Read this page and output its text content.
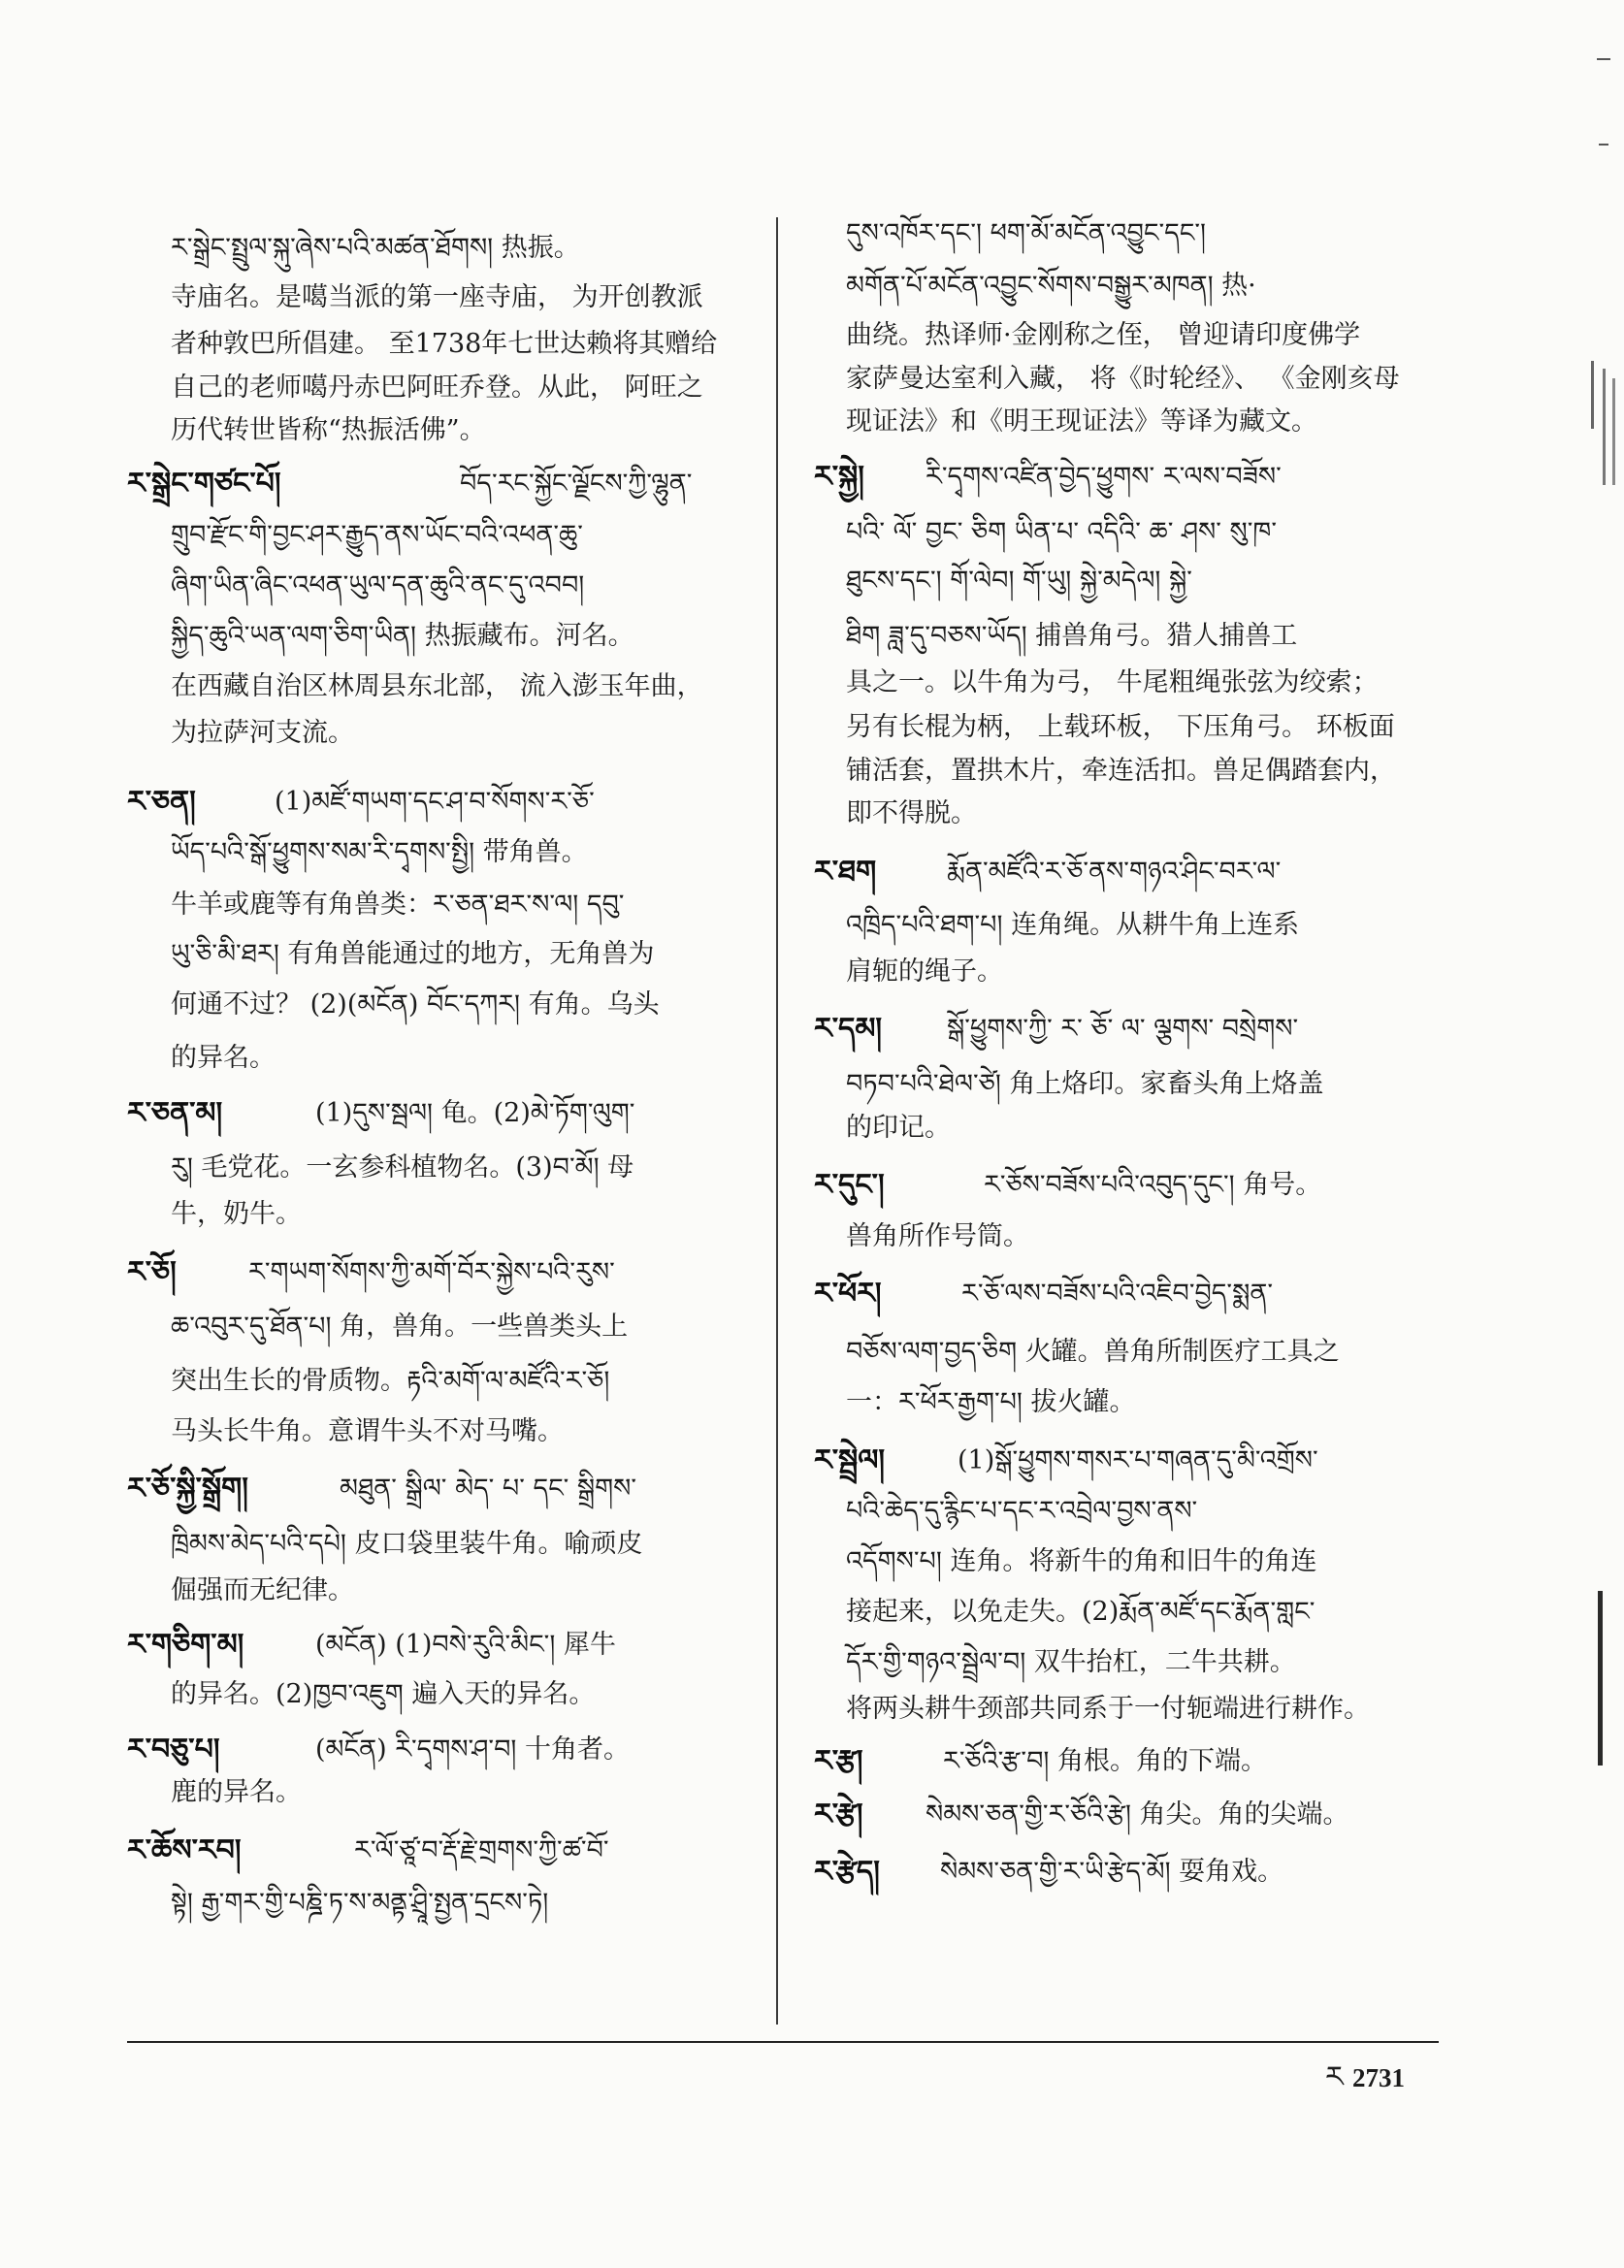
ར་སྒྲེང་སྤྲུལ་སྐུ་ཞེས་པའི་མཚན་ཐོགས། 热振。
寺庙名。是噶当派的第一座寺庙， 为开创教派
者种敦巴所倡建。 至1738年七世达赖将其赠给
自己的老师噶丹赤巴阿旺乔登。从此， 阿旺之
历代转世皆称“热振活佛”。
ར་སྒྲེང་གཙང་པོ།	བོད་རང་སྐྱོང་ལྗོངས་ཀྱི་ལྷུན་
གྲུབ་རྫོང་གི་བྱང་ཤར་རྒྱུད་ནས་ཡོང་བའི་འཕན་ཆུ་
ཞིག་ཡིན་ཞིང་འཕན་ཡུལ་དན་ཆུའི་ནང་དུ་འབབ།
སྐྱིད་ཆུའི་ཡན་ལག་ཅིག་ཡིན། 热振藏布。河名。
在西藏自治区林周县东北部， 流入澎玉年曲，
为拉萨河支流。
ར་ཅན།	(1)མཛོ་གཡག་དང་ཤ་བ་སོགས་ར་ཅོ་
ཡོད་པའི་སྒོ་ཕྱུགས་སམ་རི་དྭགས་སྤྱི། 带角兽。
牛羊或鹿等有角兽类：ར་ཅན་ཐར་ས་ལ། དབུ་
ཡུ་ཅི་མི་ཐར། 有角兽能通过的地方，无角兽为
何通不过？ (2)(མངོན) བོང་དཀར། 有角。乌头
的异名。
ར་ཅན་མ།	(1)དུས་སྦལ། 龟。(2)མེ་ཏོག་ལུག་
རུ། 毛党花。一玄参科植物名。(3)བ་མོ། 母
牛，奶牛。
ར་ཅོ།	ར་གཡག་སོགས་ཀྱི་མགོ་བོར་སྐྱེས་པའི་རུས་
ཆ་འབུར་དུ་ཐོན་པ། 角，兽角。一些兽类头上
突出生长的骨质物。རྟའི་མགོ་ལ་མཛོའི་ར་ཅོ།
马头长牛角。意谓牛头不对马嘴。
ར་ཅོ་སྐྱི་སྒྲོག།	མཐུན་ སྒྲིལ་ མེད་ པ་ དང་ སྒྲིགས་
ཁྲིམས་མེད་པའི་དཔེ། 皮口袋里装牛角。喻顽皮
倔强而无纪律。
ར་གཅིག་མ།	(མངོན) (1)བསེ་རུའི་མིང་། 犀牛
的异名。(2)ཁྱབ་འཇུག 遍入天的异名。
ར་བཅུ་པ།	(མངོན) རི་དྭགས་ཤ་བ། 十角者。
鹿的异名。
ར་ཆོས་རབ།	ར་ལོ་ཙཱ་བ་རྡོ་རྗེ་གྲགས་ཀྱི་ཚ་བོ་
སྟེ། རྒྱ་གར་གྱི་པཎྜི་ཏ་ས་མནྟ་ཤྲཱི་སྤྱན་དྲངས་ཏེ།
དུས་འཁོར་དང་། ཕག་མོ་མངོན་འབྱུང་དང་།
མགོན་པོ་མངོན་འབྱུང་སོགས་བསྒྱུར་མཁན། 热·
曲绕。热译师·金刚称之侄， 曾迎请印度佛学
家萨曼达室利入藏， 将《时轮经》、 《金刚亥母
现证法》和《明王现证法》等译为藏文。
ར་སྐྱེ། རི་དྭགས་འཛིན་བྱེད་ཕྱུགས་ ར་ལས་བཟོས་
པའི་ ལོ་ བྱང་ ཅིག ཡིན་པ་ འདིའི་ ཆ་ ཤས་ སུ་ཁ་
ཐུངས་དང་། གོ་ལེབ། གོ་ཡུ། སྐྱེ་མདེལ། སྐྱེ་
ཐིག ཟླ་དུ་བཅས་ཡོད། 捕兽角弓。猎人捕兽工
具之一。以牛角为弓， 牛尾粗绳张弦为绞索；
另有长棍为柄， 上载环板， 下压角弓。 环板面
铺活套，置拱木片，牵连活扣。兽足偶踏套内，
即不得脱。
ར་ཐག	རྨོན་མཛོའི་ར་ཅོ་ནས་གཉའ་ཤིང་བར་ལ་
འཁྲིད་པའི་ཐག་པ། 连角绳。从耕牛角上连系
肩轭的绳子。
ར་དམ། སྒོ་ཕྱུགས་ཀྱི་ ར་ ཅོ་ ལ་ ལྕགས་ བསྲེགས་
བཏབ་པའི་ཐེལ་ཙེ། 角上烙印。家畜头角上烙盖
的印记。
ར་དུང་།	ར་ཅོས་བཟོས་པའི་འབུད་དུང་། 角号。
兽角所作号筒。
ར་ཕོར།	ར་ཅོ་ལས་བཟོས་པའི་འཇིབ་བྱེད་སྨན་
བཅོས་ལག་བྱད་ཅིག 火罐。兽角所制医疗工具之
一：ར་ཕོར་རྒྱག་པ། 拔火罐。
ར་སྦྲེལ།	(1)སྒོ་ཕྱུགས་གསར་པ་གཞན་དུ་མི་འགྲོས་
པའི་ཆེད་དུ་རྙིང་པ་དང་ར་འབྲེལ་བྱས་ནས་
འདོགས་པ། 连角。将新牛的角和旧牛的角连
接起来，以免走失。(2)རྨོན་མཛོ་དང་རྨོན་གླང་
དོར་གྱི་གཉའ་སྦྲེལ་བ། 双牛抬杠，二牛共耕。
将两头耕牛颈部共同系于一付轭端进行耕作。
ར་རྩ།	ར་ཅོའི་རྩ་བ། 角根。角的下端。
ར་རྩེ། སེམས་ཅན་གྱི་ར་ཅོའི་རྩེ། 角尖。角的尖端。
ར་རྩེད། སེམས་ཅན་གྱི་ར་ཡི་རྩེད་མོ། 耍角戏。
ར 2731
